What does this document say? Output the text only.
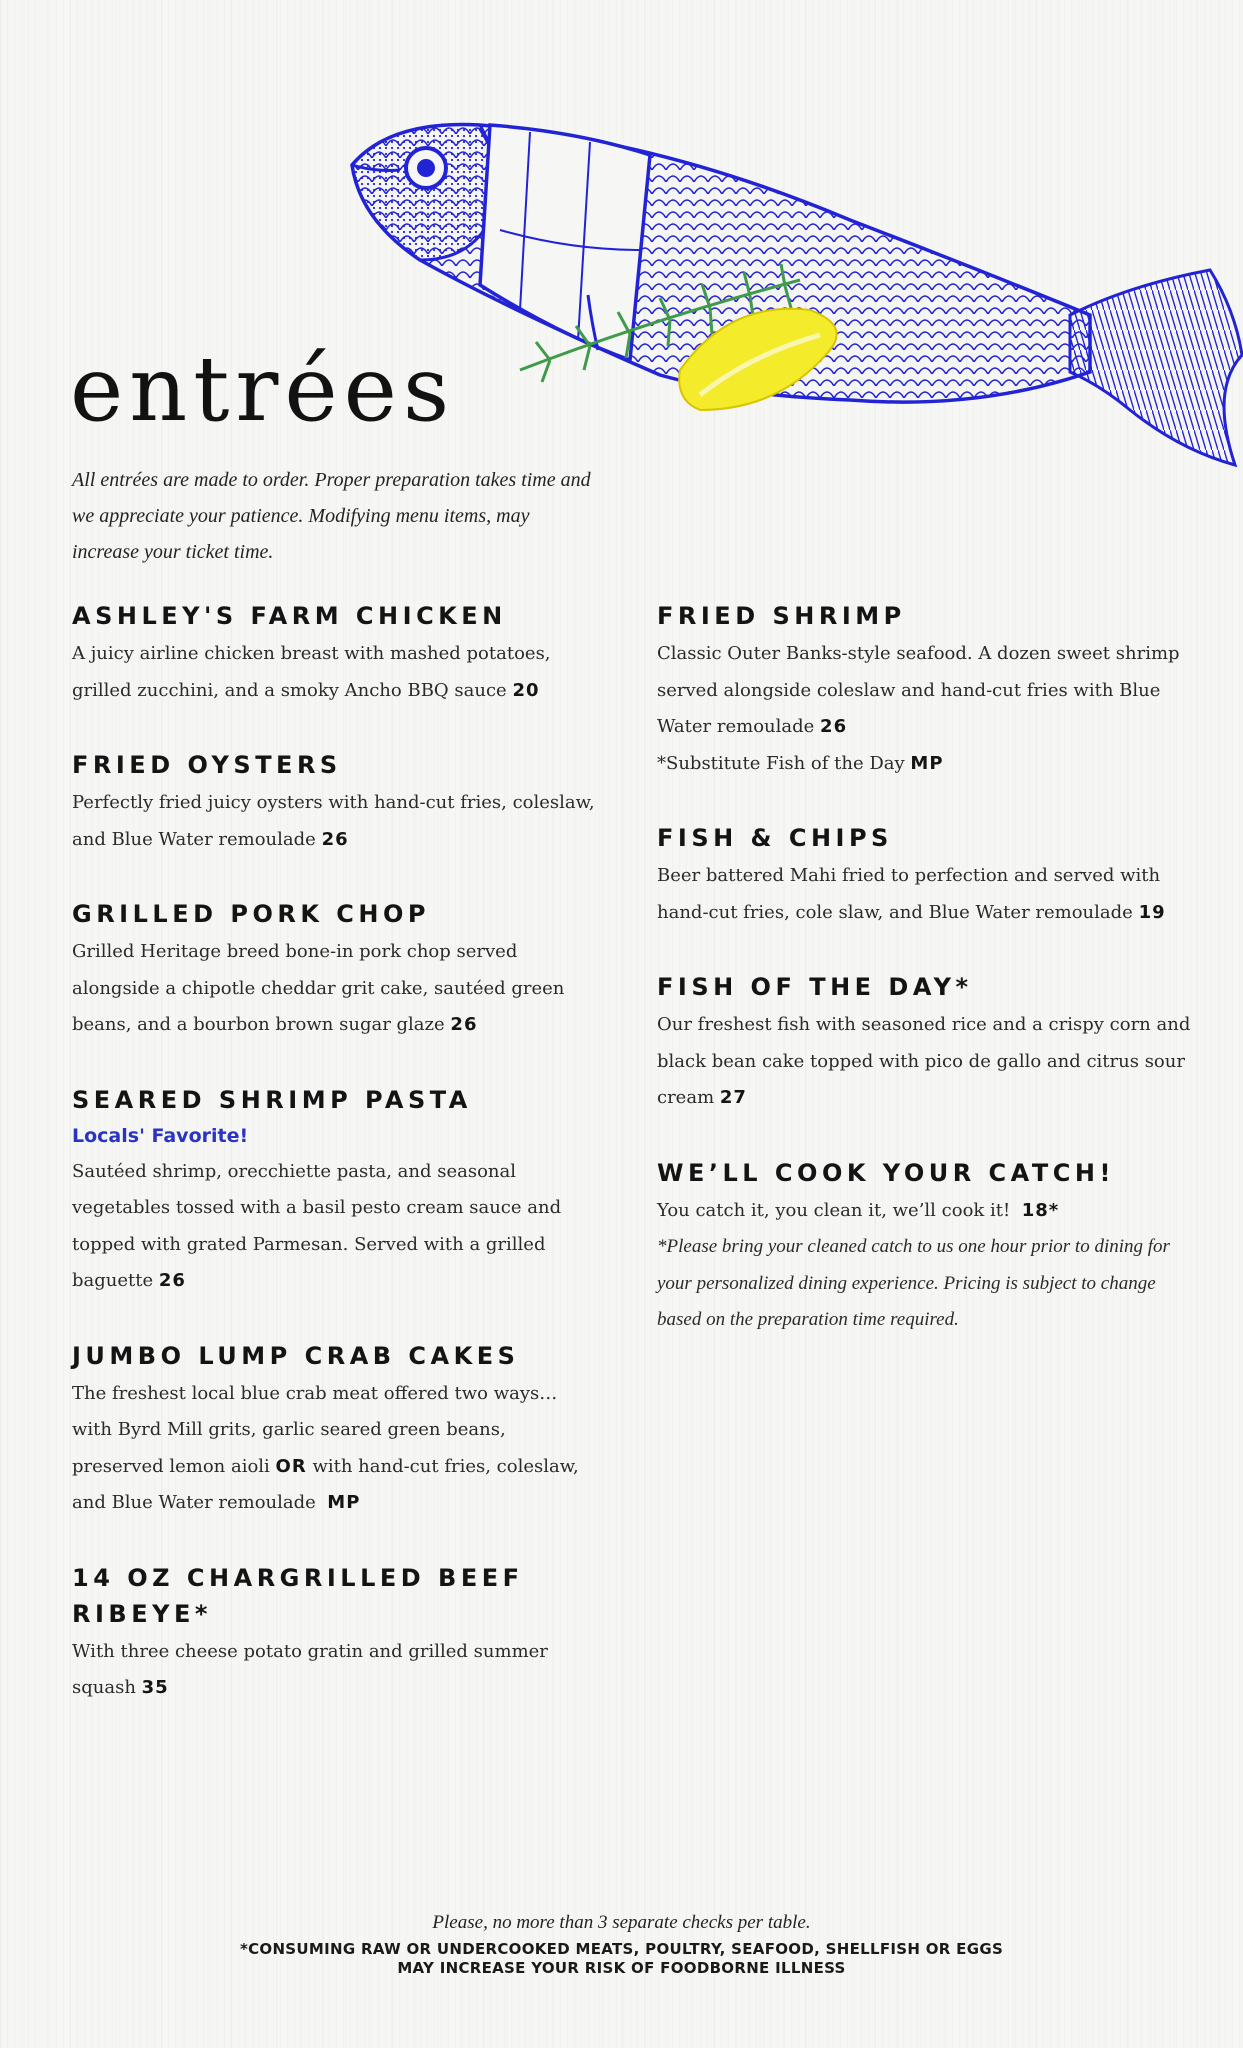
entrées

All entrées are made to order. Proper preparation takes time and we appreciate your patience. Modifying menu items, may increase your ticket time.

ASHLEY'S FARM CHICKEN

A juicy airline chicken breast with mashed potatoes, grilled zucchini, and a smoky Ancho BBQ sauce 20

FRIED OYSTERS

Perfectly fried juicy oysters with hand-cut fries, coleslaw, and Blue Water remoulade 26

GRILLED PORK CHOP

Grilled Heritage breed bone-in pork chop served alongside a chipotle cheddar grit cake, sautéed green beans, and a bourbon brown sugar glaze 26

SEARED SHRIMP PASTA

Locals' Favorite!

Sautéed shrimp, orecchiette pasta, and seasonal vegetables tossed with a basil pesto cream sauce and topped with grated Parmesan. Served with a grilled baguette 26

JUMBO LUMP CRAB CAKES

The freshest local blue crab meat offered two ways… with Byrd Mill grits, garlic seared green beans, preserved lemon aioli OR with hand-cut fries, coleslaw, and Blue Water remoulade MP

14 OZ CHARGRILLED BEEF RIBEYE*

With three cheese potato gratin and grilled summer squash 35

FRIED SHRIMP

Classic Outer Banks-style seafood. A dozen sweet shrimp served alongside coleslaw and hand-cut fries with Blue Water remoulade 26
*Substitute Fish of the Day MP

FISH & CHIPS

Beer battered Mahi fried to perfection and served with hand-cut fries, cole slaw, and Blue Water remoulade 19

FISH OF THE DAY*

Our freshest fish with seasoned rice and a crispy corn and black bean cake topped with pico de gallo and citrus sour cream 27

WE’LL COOK YOUR CATCH!

You catch it, you clean it, we’ll cook it! 18*

*Please bring your cleaned catch to us one hour prior to dining for your personalized dining experience. Pricing is subject to change based on the preparation time required.

Please, no more than 3 separate checks per table.

*CONSUMING RAW OR UNDERCOOKED MEATS, POULTRY, SEAFOOD, SHELLFISH OR EGGS
MAY INCREASE YOUR RISK OF FOODBORNE ILLNESS
